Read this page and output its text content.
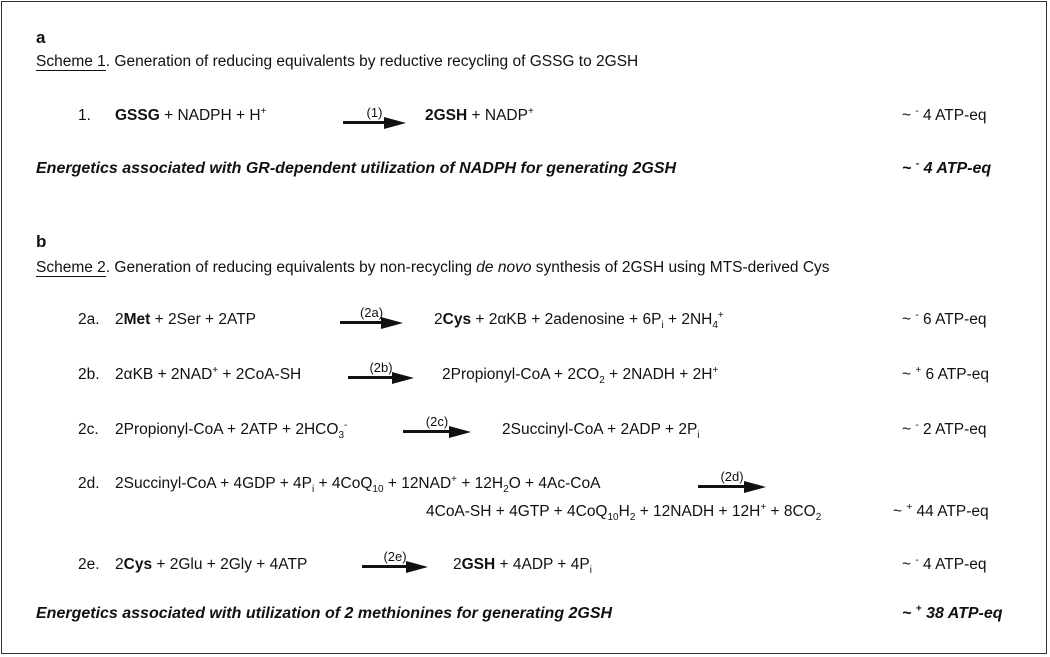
a
Scheme 1. Generation of reducing equivalents by reductive recycling of GSSG to 2GSH
1. GSSG + NADPH + H+	(1)	2GSH + NADP+	~ - 4 ATP-eq
Energetics associated with GR-dependent utilization of NADPH for generating 2GSH	~ - 4 ATP-eq
b
Scheme 2. Generation of reducing equivalents by non-recycling de novo synthesis of 2GSH using MTS-derived Cys
2a. 2Met + 2Ser + 2ATP	(2a)	2Cys + 2αKB + 2adenosine + $6P_i + 2NH_4^+$	~ - 6 ATP-eq
2b. 2αKB + 2NAD+ + 2CoA-SH	(2b)	2Propionyl-CoA + $2CO_2$ + 2NADH + 2H+	~ + 6 ATP-eq
2c. 2Propionyl-CoA + $2ATP + 2HCO_3^-$	(2c)	2Succinyl-CoA + $2ADP + 2P_i$	~ - 2 ATP-eq
2d. 2Succinyl-CoA + $4GDP + 4P_i + 4CoQ_{10} + 12NAD^+ + 12H_2O + 4Ac-CoA$	(2d)
$4CoA-SH + 4GTP + 4CoQ_{10}H_2$ + 12NADH + $12H^+ + 8CO_2$	~ + 44 ATP-eq
2e. 2Cys + 2Glu + 2Gly + 4ATP	(2e)	$2GSH + 4ADP + 4P_i$	~ - 4 ATP-eq
Energetics associated with utilization of 2 methionines for generating 2GSH	~ + 38 ATP-eq
